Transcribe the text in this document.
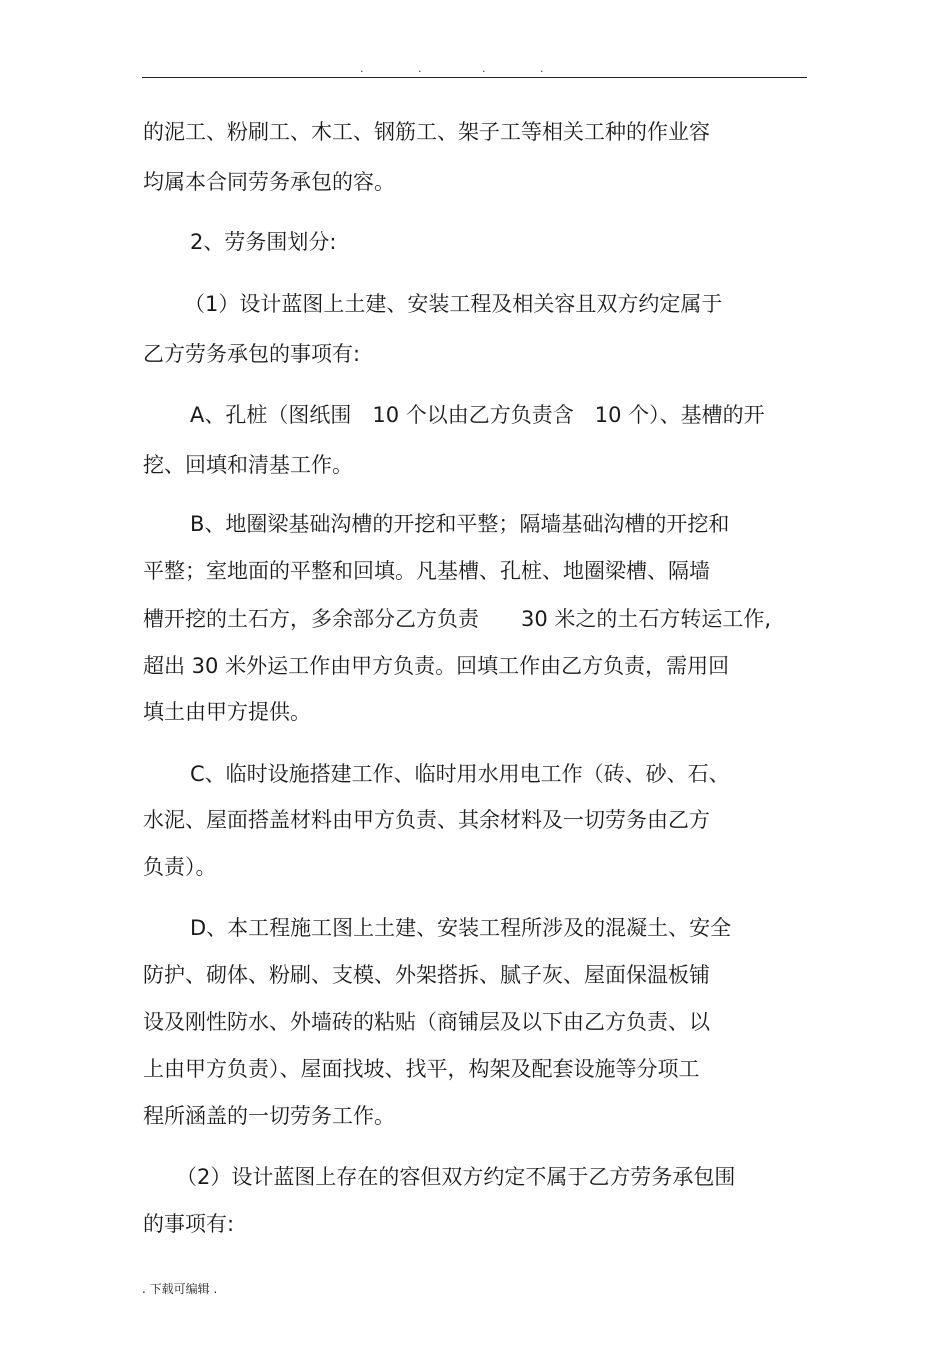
.	.	.	.
的泥工、粉刷工、木工、钢筋工、架子工等相关工种的作业容
均属本合同劳务承包的容。
2、劳务围划分:
（1）设计蓝图上土建、安装工程及相关容且双方约定属于
乙方劳务承包的事项有:
A、孔桩（图纸围　10 个以由乙方负责含　10 个）、基槽的开
挖、回填和清基工作。
B、地圈梁基础沟槽的开挖和平整；隔墙基础沟槽的开挖和
平整；室地面的平整和回填。凡基槽、孔桩、地圈梁槽、隔墙
槽开挖的土石方，多余部分乙方负责　　30 米之的土石方转运工作,
超出 30 米外运工作由甲方负责。回填工作由乙方负责，需用回
填土由甲方提供。
C、临时设施搭建工作、临时用水用电工作（砖、砂、石、
水泥、屋面搭盖材料由甲方负责、其余材料及一切劳务由乙方
负责）。
D、本工程施工图上土建、安装工程所涉及的混凝土、安全
防护、砌体、粉刷、支模、外架搭拆、腻子灰、屋面保温板铺
设及刚性防水、外墙砖的粘贴（商铺层及以下由乙方负责、以
上由甲方负责）、屋面找坡、找平，构架及配套设施等分项工
程所涵盖的一切劳务工作。
（2）设计蓝图上存在的容但双方约定不属于乙方劳务承包围
的事项有:
. 下载可编辑 .
